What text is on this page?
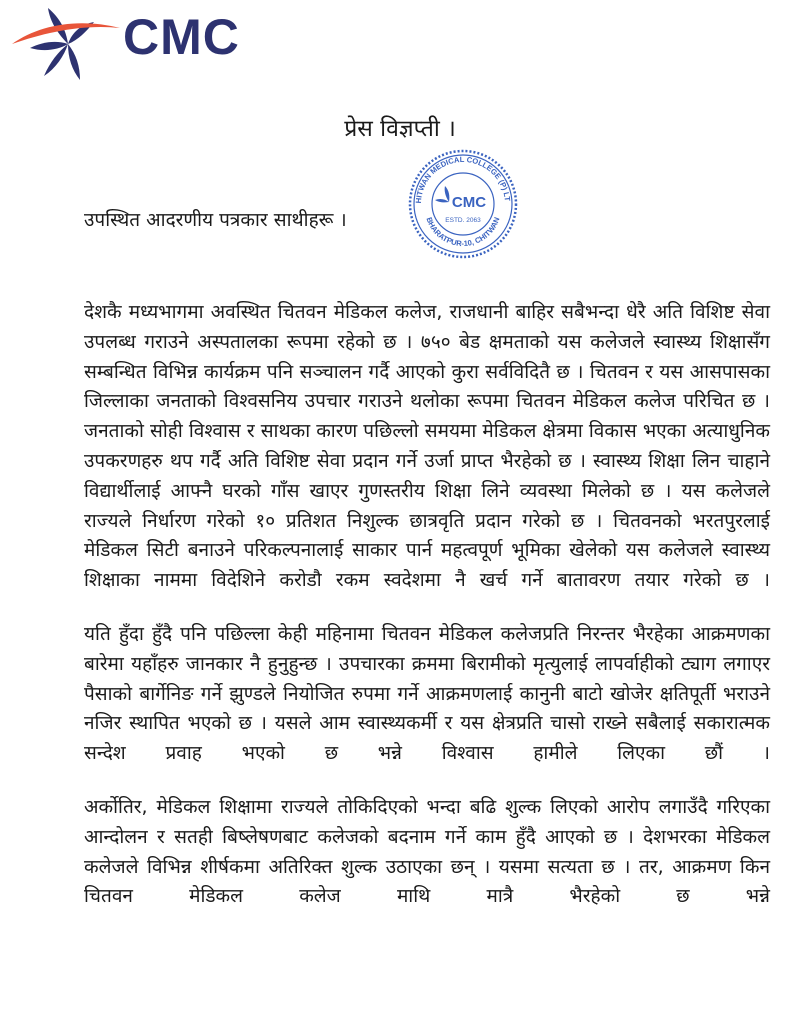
CMC
प्रेस विज्ञप्ती ।
उपस्थित आदरणीय पत्रकार साथीहरू ।
HITWAN MEDICAL COLLEGE (P) LT
BHARATPUR-10, CHITWAN
CMC
ESTD. 2063

देशकै मध्यभागमा अवस्थित चितवन मेडिकल कलेज, राजधानी बाहिर सबैभन्दा धेरै अति विशिष्ट सेवा उपलब्ध गराउने अस्पतालका रूपमा रहेको छ । ७५० बेड क्षमताको यस कलेजले स्वास्थ्य शिक्षासँग सम्बन्धित विभिन्न कार्यक्रम पनि सञ्चालन गर्दै आएको कुरा सर्वविदितै छ । चितवन र यस आसपासका जिल्लाका जनताको विश्वसनिय उपचार गराउने थलोका रूपमा चितवन मेडिकल कलेज परिचित छ । जनताको सोही विश्वास र साथका कारण पछिल्लो समयमा मेडिकल क्षेत्रमा विकास भएका अत्याधुनिक उपकरणहरु थप गर्दै अति विशिष्ट सेवा प्रदान गर्ने उर्जा प्राप्त भैरहेको छ । स्वास्थ्य शिक्षा लिन चाहाने विद्यार्थीलाई आफ्नै घरको गाँस खाएर गुणस्तरीय शिक्षा लिने व्यवस्था मिलेको छ । यस कलेजले राज्यले निर्धारण गरेको १० प्रतिशत निशुल्क छात्रवृति प्रदान गरेको छ । चितवनको भरतपुरलाई मेडिकल सिटी बनाउने परिकल्पनालाई साकार पार्न महत्वपूर्ण भूमिका खेलेको यस कलेजले स्वास्थ्य शिक्षाका नाममा विदेशिने करोडौ रकम स्वदेशमा नै खर्च गर्ने बातावरण तयार गरेको छ ।

यति हुँदा हुँदै पनि पछिल्ला केही महिनामा चितवन मेडिकल कलेजप्रति निरन्तर भैरहेका आक्रमणका बारेमा यहाँहरु जानकार नै हुनुहुन्छ । उपचारका क्रममा बिरामीको मृत्युलाई लापर्वाहीको ट्याग लगाएर पैसाको बार्गेनिङ गर्ने झुण्डले नियोजित रुपमा गर्ने आक्रमणलाई कानुनी बाटो खोजेर क्षतिपूर्ती भराउने नजिर स्थापित भएको छ । यसले आम स्वास्थ्यकर्मी र यस क्षेत्रप्रति चासो राख्ने सबैलाई सकारात्मक सन्देश प्रवाह भएको छ भन्ने विश्वास हामीले लिएका छौं ।

अर्कोतिर, मेडिकल शिक्षामा राज्यले तोकिदिएको भन्दा बढि शुल्क लिएको आरोप लगाउँदै गरिएका आन्दोलन र सतही बिष्लेषणबाट कलेजको बदनाम गर्ने काम हुँदै आएको छ । देशभरका मेडिकल कलेजले विभिन्न शीर्षकमा अतिरिक्त शुल्क उठाएका छन् । यसमा सत्यता छ । तर, आक्रमण किन चितवन मेडिकल कलेज माथि मात्रै भैरहेको छ भन्ने
